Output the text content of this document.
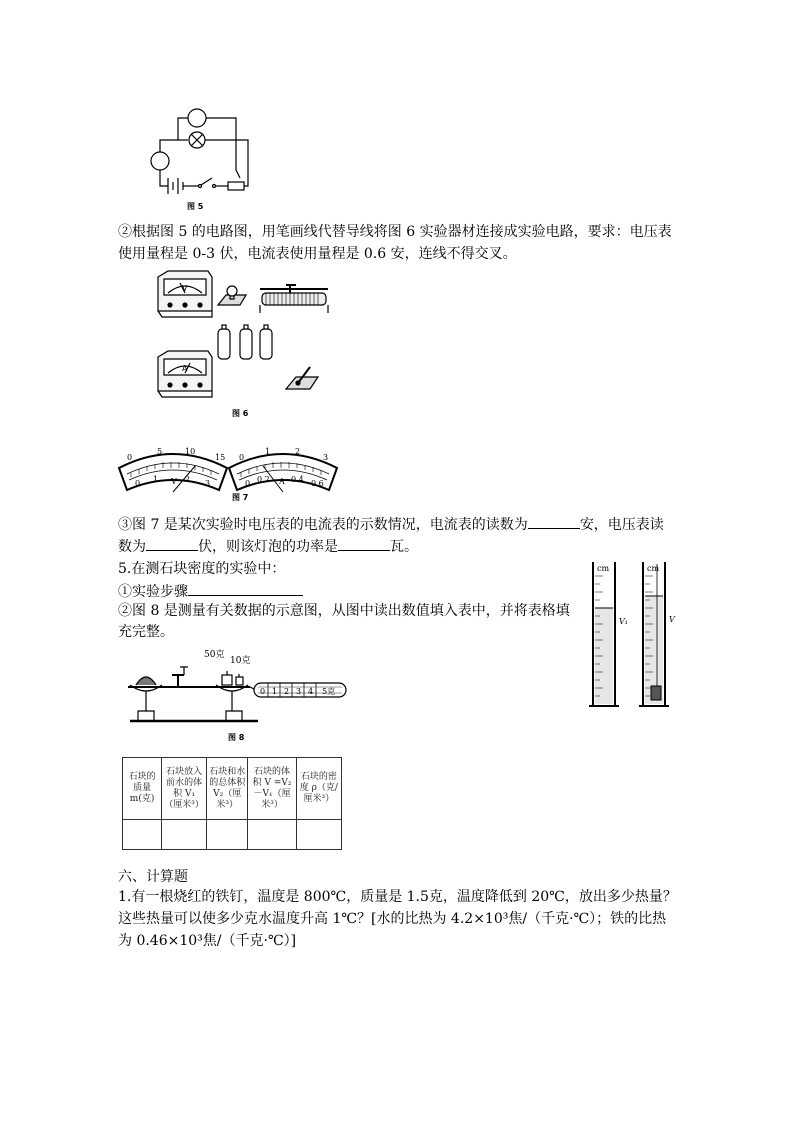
图 5
②根据图 5 的电路图，用笔画线代替导线将图 6 实验器材连接成实验电路，要求：电压表
使用量程是 0-3 伏，电流表使用量程是 0.6 安，连线不得交叉。
V
A
图 6
0
5	10
15
0 1 V 2 3
0
1	2
3
0 0.2 A 0.4 0.6
图 7
③图 7 是某次实验时电压表的电流表的示数情况，电流表的读数为	安，电压表读
数为	伏，则该灯泡的功率是	瓦。
5.在测石块密度的实验中：
①实验步骤
②图 8 是测量有关数据的示意图，从图中读出数值填入表中，并将表格填
充完整。
cm	cm
V₁	V
50克
10克
0 1 2 3 4 5克
图 8
石块的质量 m(克)	石块放入前水的体积 V₁（厘米³）	石块和水的总体积 V₂（厘米³）	石块的体积 V =V₂－V₁（厘米³）	石块的密度 ρ（克/厘米³）

六、计算题
1.有一根烧红的铁钉，温度是 800℃，质量是 1.5克，温度降低到 20℃，放出多少热量？
这些热量可以使多少克水温度升高 1℃？[水的比热为 4.2×10³焦/（千克·℃）；铁的比热
为 0.46×10³焦/（千克·℃）]
